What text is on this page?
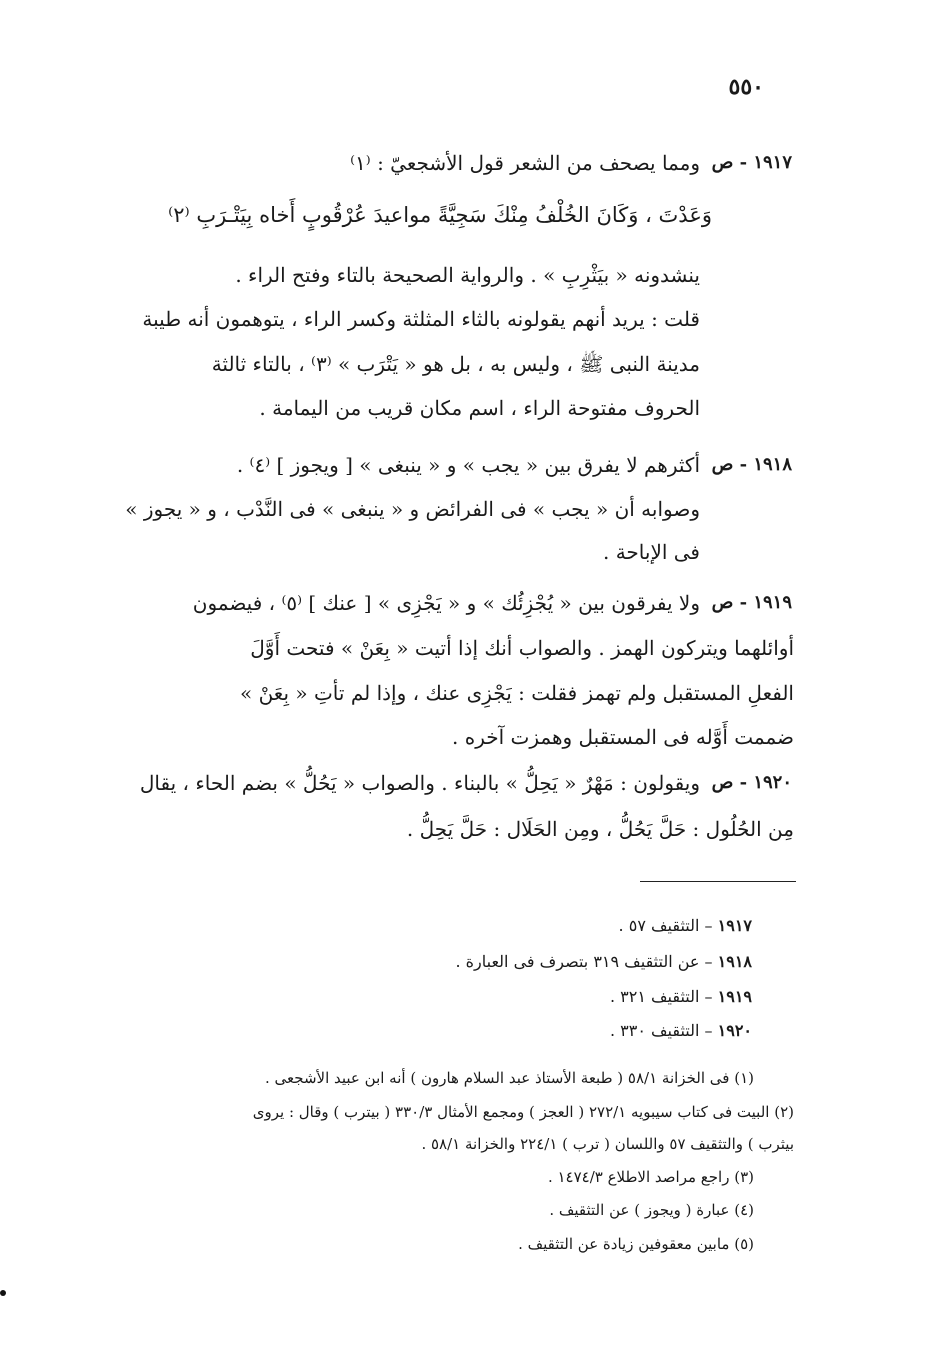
٥٥٠
١٩١٧ - ص
ومما يصحف من الشعر قول الأشجعيّ : ⁽١⁾
وَعَدْتَ ، وَكَانَ الخُلْفُ مِنْكَ سَجِيَّةً مواعيدَ عُرْقُوبٍ أَخاه بِيَتْـرَبِ ⁽٢⁾
ينشدونه « بيَثْرِبِ » . والرواية الصحيحة بالتاء وفتح الراء .
قلت : يريد أنهم يقولونه بالثاء المثلثة وكسر الراء ، يتوهمون أنه طيبة
مدينة النبى ﷺ ، وليس به ، بل هو « يَتْرَب » ⁽٣⁾ ، بالتاء ثالثة
الحروف مفتوحة الراء ، اسم مكان قريب من اليمامة .
١٩١٨ - ص
أكثرهم لا يفرق بين « يجب » و « ينبغى » [ ويجوز ] ⁽٤⁾ .
وصوابه أن « يجب » فى الفرائض و « ينبغى » فى النَّدْب ، و « يجوز »
فى الإباحة .
١٩١٩ - ص
ولا يفرقون بين « يُجْزِئُك » و « يَجْزِى » [ عنك ] ⁽٥⁾ ، فيضمون
أوائلهما ويتركون الهمز . والصواب أنك إذا أتيت « بِعَنْ » فتحت أَوَّلَ
الفعلِ المستقبل ولم تهمز فقلت : يَجْزِى عنك ، وإذا لم تأتِ « بِعَنْ »
ضممت أَوَّله فى المستقبل وهمزت آخره .
١٩٢٠ - ص
ويقولون : مَهْرٌ « يَحِلُّ » بالبناء . والصواب « يَحُلُّ » بضم الحاء ، يقال
مِن الحُلُول : حَلَّ يَحُلُّ ، ومِن الحَلَال : حَلَّ يَحِلُّ .
١٩١٧ – التثقيف ٥٧ .
١٩١٨ – عن التثقيف ٣١٩ بتصرف فى العبارة .
١٩١٩ – التثقيف ٣٢١ .
١٩٢٠ – التثقيف ٣٣٠ .
(١) فى الخزانة ٥٨/١ ( طبعة الأستاذ عبد السلام هارون ) أنه ابن عبيد الأشجعى .
(٢) البيت فى كتاب سيبويه ٢٧٢/١ ( العجز ) ومجمع الأمثال ٣٣٠/٣ ( بيترب ) وقال : يروى
بيثرب ) والتثقيف ٥٧ واللسان ( ترب ) ٢٢٤/١ والخزانة ٥٨/١ .
(٣) راجع مراصد الاطلاع ١٤٧٤/٣ .
(٤) عبارة ( ويجوز ) عن التثقيف .
(٥) مابين معقوفين زيادة عن التثقيف .
